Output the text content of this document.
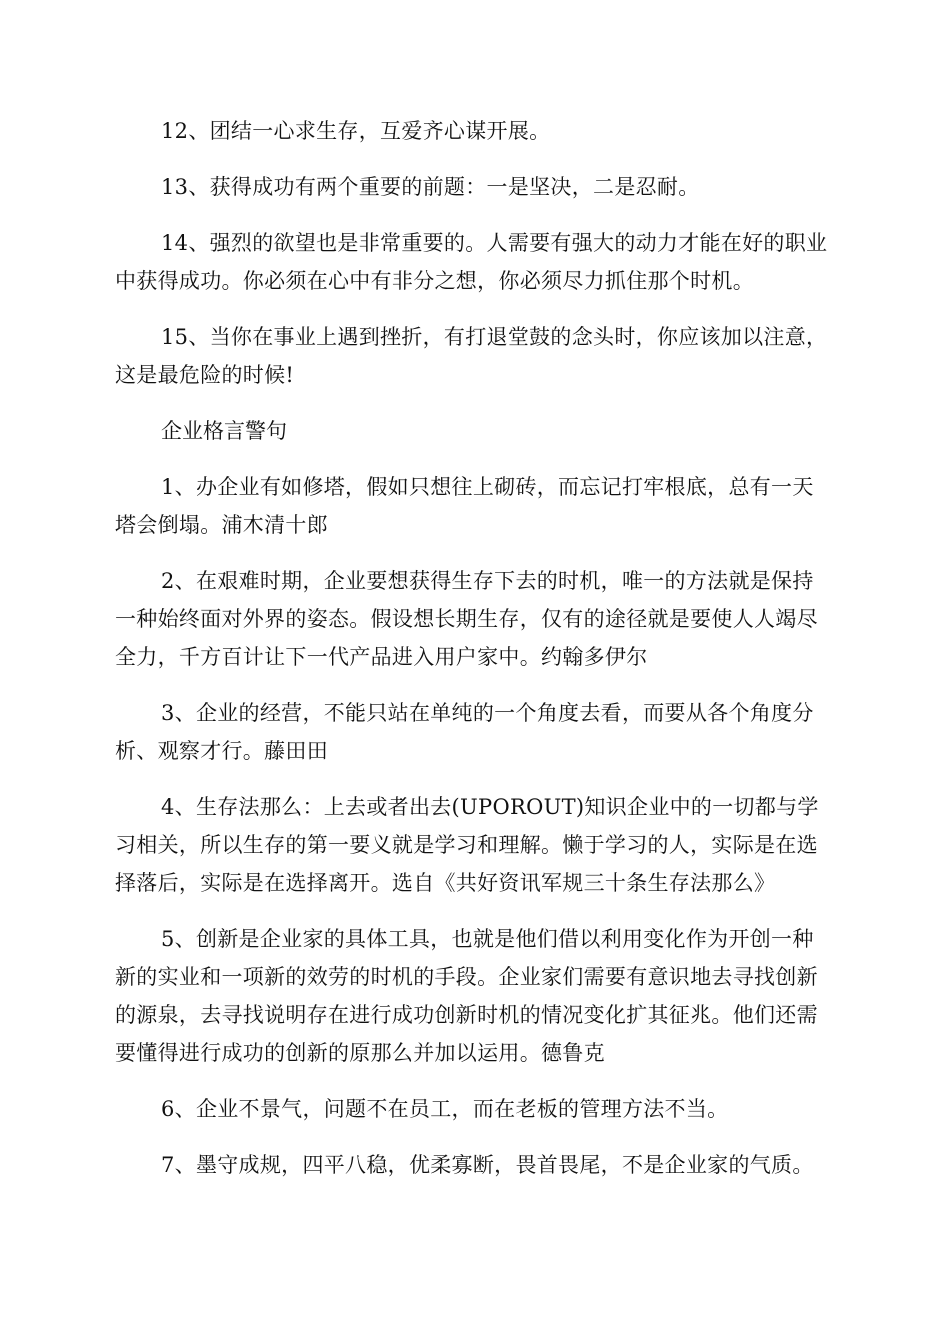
12、团结一心求生存，互爱齐心谋开展。

13、获得成功有两个重要的前题：一是坚决，二是忍耐。

14、强烈的欲望也是非常重要的。人需要有强大的动力才能在好的职业中获得成功。你必须在心中有非分之想，你必须尽力抓住那个时机。

15、当你在事业上遇到挫折，有打退堂鼓的念头时，你应该加以注意，这是最危险的时候!

企业格言警句

1、办企业有如修塔，假如只想往上砌砖，而忘记打牢根底，总有一天塔会倒塌。浦木清十郎

2、在艰难时期，企业要想获得生存下去的时机，唯一的方法就是保持一种始终面对外界的姿态。假设想长期生存，仅有的途径就是要使人人竭尽全力，千方百计让下一代产品进入用户家中。约翰多伊尔

3、企业的经营，不能只站在单纯的一个角度去看，而要从各个角度分析、观察才行。藤田田

4、生存法那么：上去或者出去(UPOROUT)知识企业中的一切都与学习相关，所以生存的第一要义就是学习和理解。懒于学习的人，实际是在选择落后，实际是在选择离开。选自《共好资讯军规三十条生存法那么》

5、创新是企业家的具体工具，也就是他们借以利用变化作为开创一种新的实业和一项新的效劳的时机的手段。企业家们需要有意识地去寻找创新的源泉，去寻找说明存在进行成功创新时机的情况变化扩其征兆。他们还需要懂得进行成功的创新的原那么并加以运用。德鲁克

6、企业不景气，问题不在员工，而在老板的管理方法不当。

7、墨守成规，四平八稳，优柔寡断，畏首畏尾，不是企业家的气质。
